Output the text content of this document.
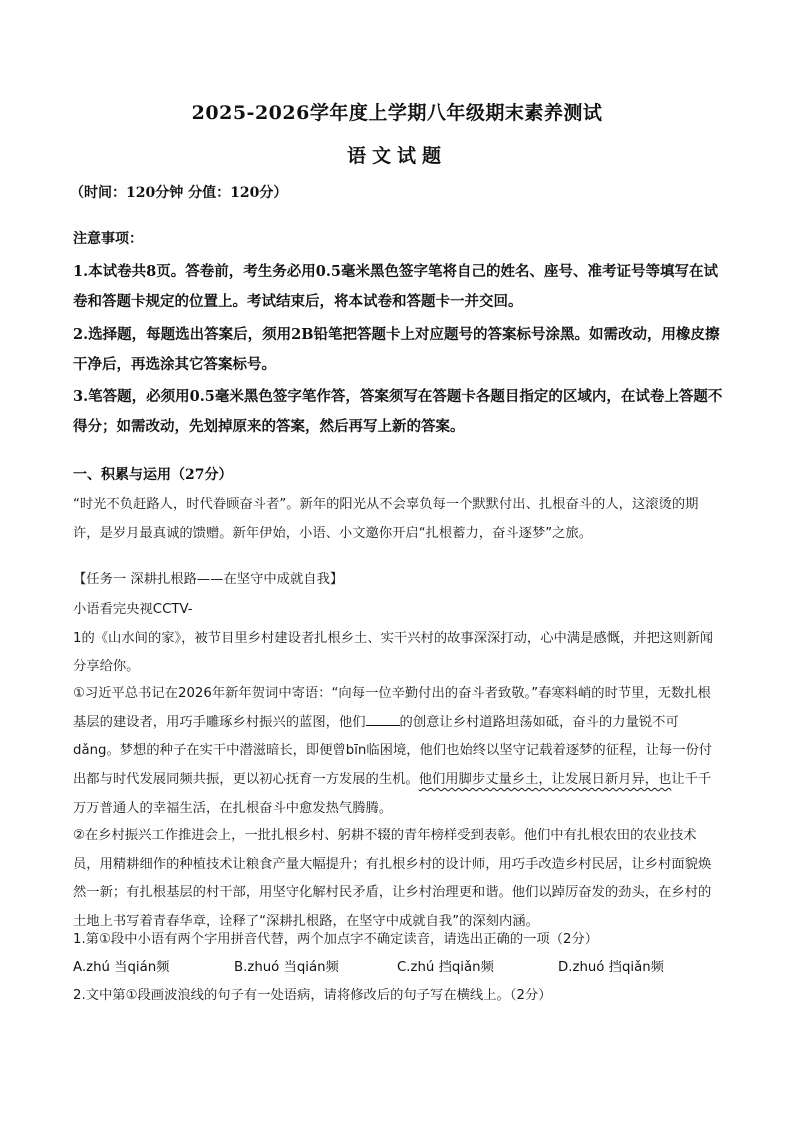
2025-2026学年度上学期八年级期末素养测试
语文试题
（时间：120分钟 分值：120分）
注意事项：
1.本试卷共8页。答卷前，考生务必用0.5毫米黑色签字笔将自己的姓名、座号、准考证号等填写在试卷和答题卡规定的位置上。考试结束后，将本试卷和答题卡一并交回。
2.选择题，每题选出答案后，须用2B铅笔把答题卡上对应题号的答案标号涂黑。如需改动，用橡皮擦干净后，再选涂其它答案标号。
3.笔答题，必须用0.5毫米黑色签字笔作答，答案须写在答题卡各题目指定的区域内，在试卷上答题不得分；如需改动，先划掉原来的答案，然后再写上新的答案。
一、积累与运用（27分）
“时光不负赶路人，时代眷顾奋斗者”。新年的阳光从不会辜负每一个默默付出、扎根奋斗的人，这滚烫的期许，是岁月最真诚的馈赠。新年伊始，小语、小文邀你开启“扎根蓄力，奋斗逐梦”之旅。
【任务一 深耕扎根路——在坚守中成就自我】
小语看完央视CCTV-
1的《山水间的家》，被节目里乡村建设者扎根乡土、实干兴村的故事深深打动，心中满是感慨，并把这则新闻分享给你。
①习近平总书记在2026年新年贺词中寄语：“向每一位辛勤付出的奋斗者致敬。”春寒料峭的时节里，无数扎根基层的建设者，用巧手雕琢乡村振兴的蓝图，他们	的创意让乡村道路坦荡如砥，奋斗的力量锐不可dǎng。梦想的种子在实干中潜滋暗长，即便曾bīn临困境，他们也始终以坚守记载着逐梦的征程，让每一份付出都与时代发展同频共振，更以初心抚育一方发展的生机。他们用脚步丈量乡土，让发展日新月异，也让千千万万普通人的幸福生活，在扎根奋斗中愈发热气腾腾。
②在乡村振兴工作推进会上，一批扎根乡村、躬耕不辍的青年榜样受到表彰。他们中有扎根农田的农业技术员，用精耕细作的种植技术让粮食产量大幅提升；有扎根乡村的设计师，用巧手改造乡村民居，让乡村面貌焕然一新；有扎根基层的村干部，用坚守化解村民矛盾，让乡村治理更和谐。他们以踔厉奋发的劲头，在乡村的土地上书写着青春华章，诠释了“深耕扎根路，在坚守中成就自我”的深刻内涵。
1.第①段中小语有两个字用拼音代替，两个加点字不确定读音，请选出正确的一项（2分）
A.zhú 当qián频	B.zhuó 当qián频	C.zhú 挡qiǎn频	D.zhuó 挡qiǎn频
2.文中第①段画波浪线的句子有一处语病，请将修改后的句子写在横线上。（2分）
